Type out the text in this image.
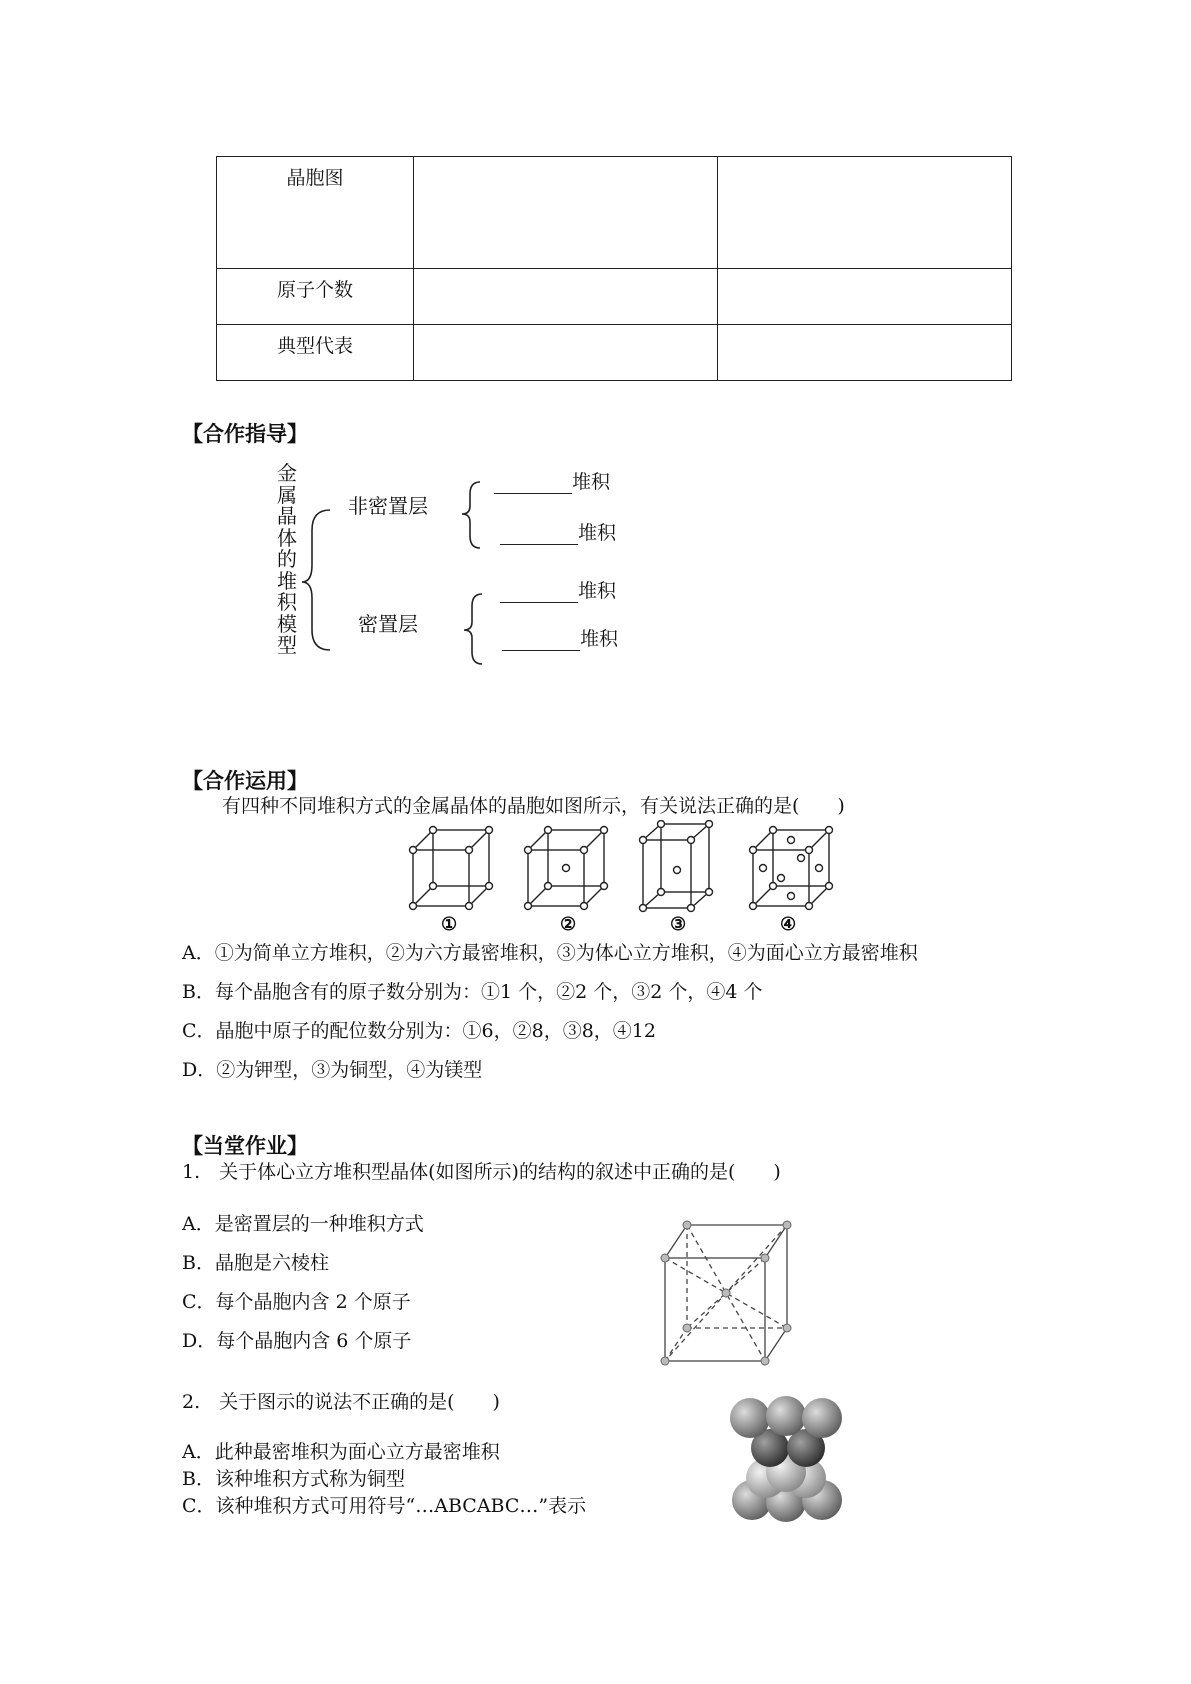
晶胞图		
原子个数		
典型代表		
【合作指导】
金
属
晶
体
的
堆
积
模
型
非密置层
密置层
堆积
堆积
堆积
堆积
【合作运用】
有四种不同堆积方式的金属晶体的晶胞如图所示，有关说法正确的是(　　)
①	②	③	④
A．①为简单立方堆积，②为六方最密堆积，③为体心立方堆积，④为面心立方最密堆积
B．每个晶胞含有的原子数分别为：①1 个，②2 个，③2 个，④4 个
C．晶胞中原子的配位数分别为：①6，②8，③8，④12
D．②为钾型，③为铜型，④为镁型
【当堂作业】
1.　关于体心立方堆积型晶体(如图所示)的结构的叙述中正确的是(　　)
A．是密置层的一种堆积方式
B．晶胞是六棱柱
C．每个晶胞内含 2 个原子
D．每个晶胞内含 6 个原子
2.　关于图示的说法不正确的是(　　)
A．此种最密堆积为面心立方最密堆积
B．该种堆积方式称为铜型
C．该种堆积方式可用符号“…ABCABC…”表示
